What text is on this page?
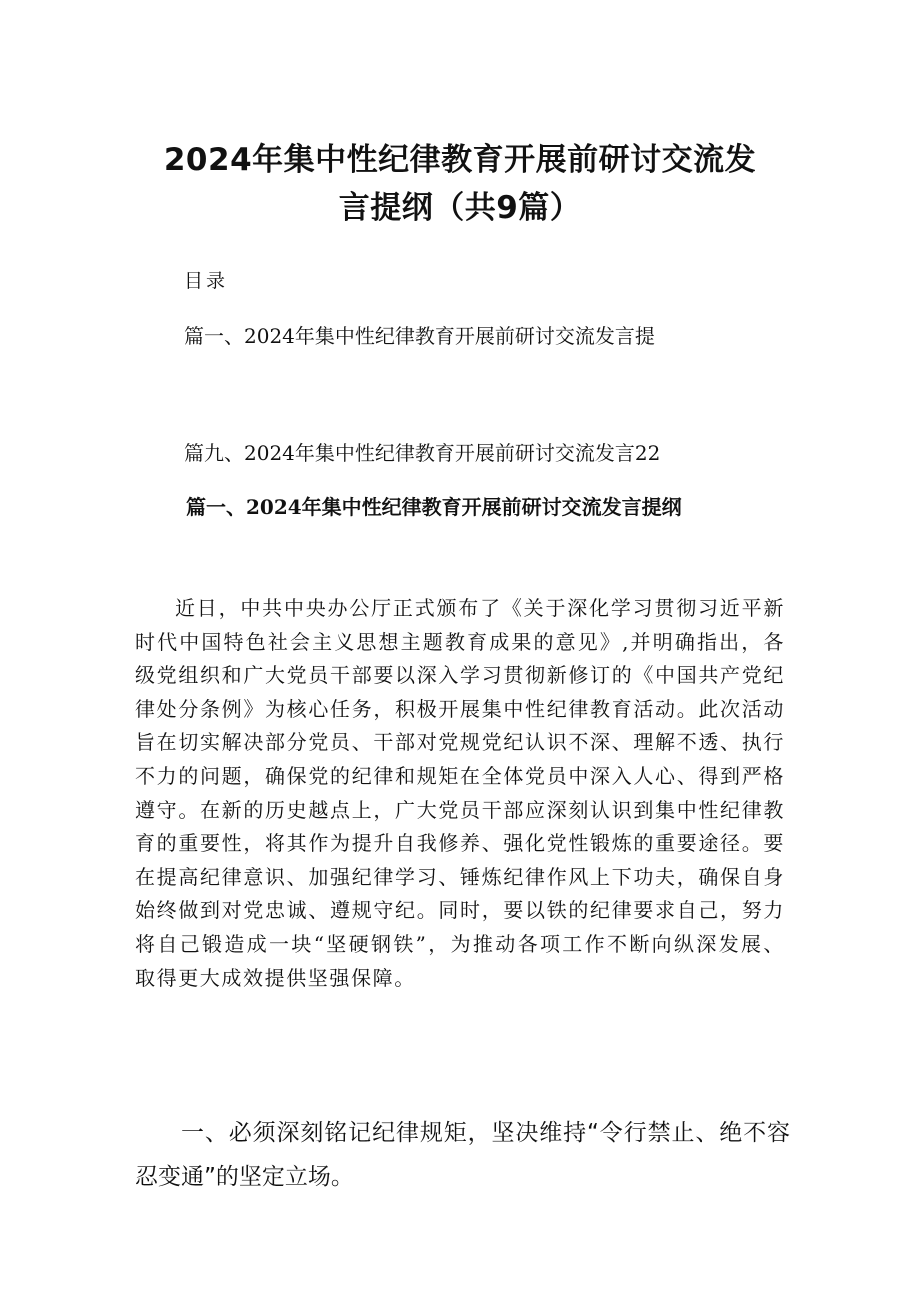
2024年集中性纪律教育开展前研讨交流发
言提纲（共9篇）
目录
篇一、2024年集中性纪律教育开展前研讨交流发言提
篇九、2024年集中性纪律教育开展前研讨交流发言22
篇一、2024年集中性纪律教育开展前研讨交流发言提纲

近日，中共中央办公厅正式颁布了《关于深化学习贯彻习近平新时代中国特色社会主义思想主题教育成果的意见》,并明确指出，各级党组织和广大党员干部要以深入学习贯彻新修订的《中国共产党纪律处分条例》为核心任务，积极开展集中性纪律教育活动。此次活动旨在切实解决部分党员、干部对党规党纪认识不深、理解不透、执行不力的问题，确保党的纪律和规矩在全体党员中深入人心、得到严格遵守。在新的历史越点上，广大党员干部应深刻认识到集中性纪律教育的重要性，将其作为提升自我修养、强化党性锻炼的重要途径。要在提高纪律意识、加强纪律学习、锤炼纪律作风上下功夫，确保自身始终做到对党忠诚、遵规守纪。同时，要以铁的纪律要求自己，努力将自己锻造成一块“坚硬钢铁”，为推动各项工作不断向纵深发展、取得更大成效提供坚强保障。

一、必须深刻铭记纪律规矩，坚决维持“令行禁止、绝不容忍变通”的坚定立场。
